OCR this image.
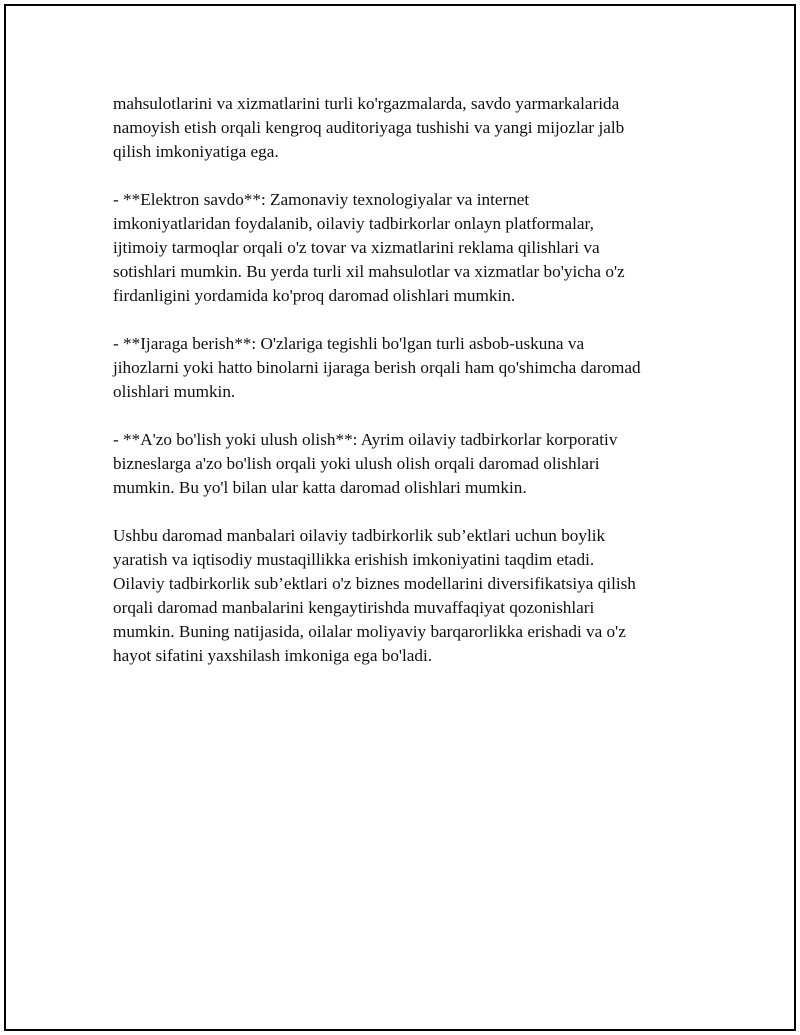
mahsulotlarini va xizmatlarini turli ko'rgazmalarda, savdo yarmarkalarida
namoyish etish orqali kengroq auditoriyaga tushishi va yangi mijozlar jalb
qilish imkoniyatiga ega.

- **Elektron savdo**: Zamonaviy texnologiyalar va internet
imkoniyatlaridan foydalanib, oilaviy tadbirkorlar onlayn platformalar,
ijtimoiy tarmoqlar orqali o'z tovar va xizmatlarini reklama qilishlari va
sotishlari mumkin. Bu yerda turli xil mahsulotlar va xizmatlar bo'yicha o'z
firdanligini yordamida ko'proq daromad olishlari mumkin.

- **Ijaraga berish**: O'zlariga tegishli bo'lgan turli asbob-uskuna va
jihozlarni yoki hatto binolarni ijaraga berish orqali ham qo'shimcha daromad
olishlari mumkin.

- **A'zo bo'lish yoki ulush olish**: Ayrim oilaviy tadbirkorlar korporativ
bizneslarga a'zo bo'lish orqali yoki ulush olish orqali daromad olishlari
mumkin. Bu yo'l bilan ular katta daromad olishlari mumkin.

Ushbu daromad manbalari oilaviy tadbirkorlik sub’ektlari uchun boylik
yaratish va iqtisodiy mustaqillikka erishish imkoniyatini taqdim etadi.
Oilaviy tadbirkorlik sub’ektlari o'z biznes modellarini diversifikatsiya qilish
orqali daromad manbalarini kengaytirishda muvaffaqiyat qozonishlari
mumkin. Buning natijasida, oilalar moliyaviy barqarorlikka erishadi va o'z
hayot sifatini yaxshilash imkoniga ega bo'ladi.
